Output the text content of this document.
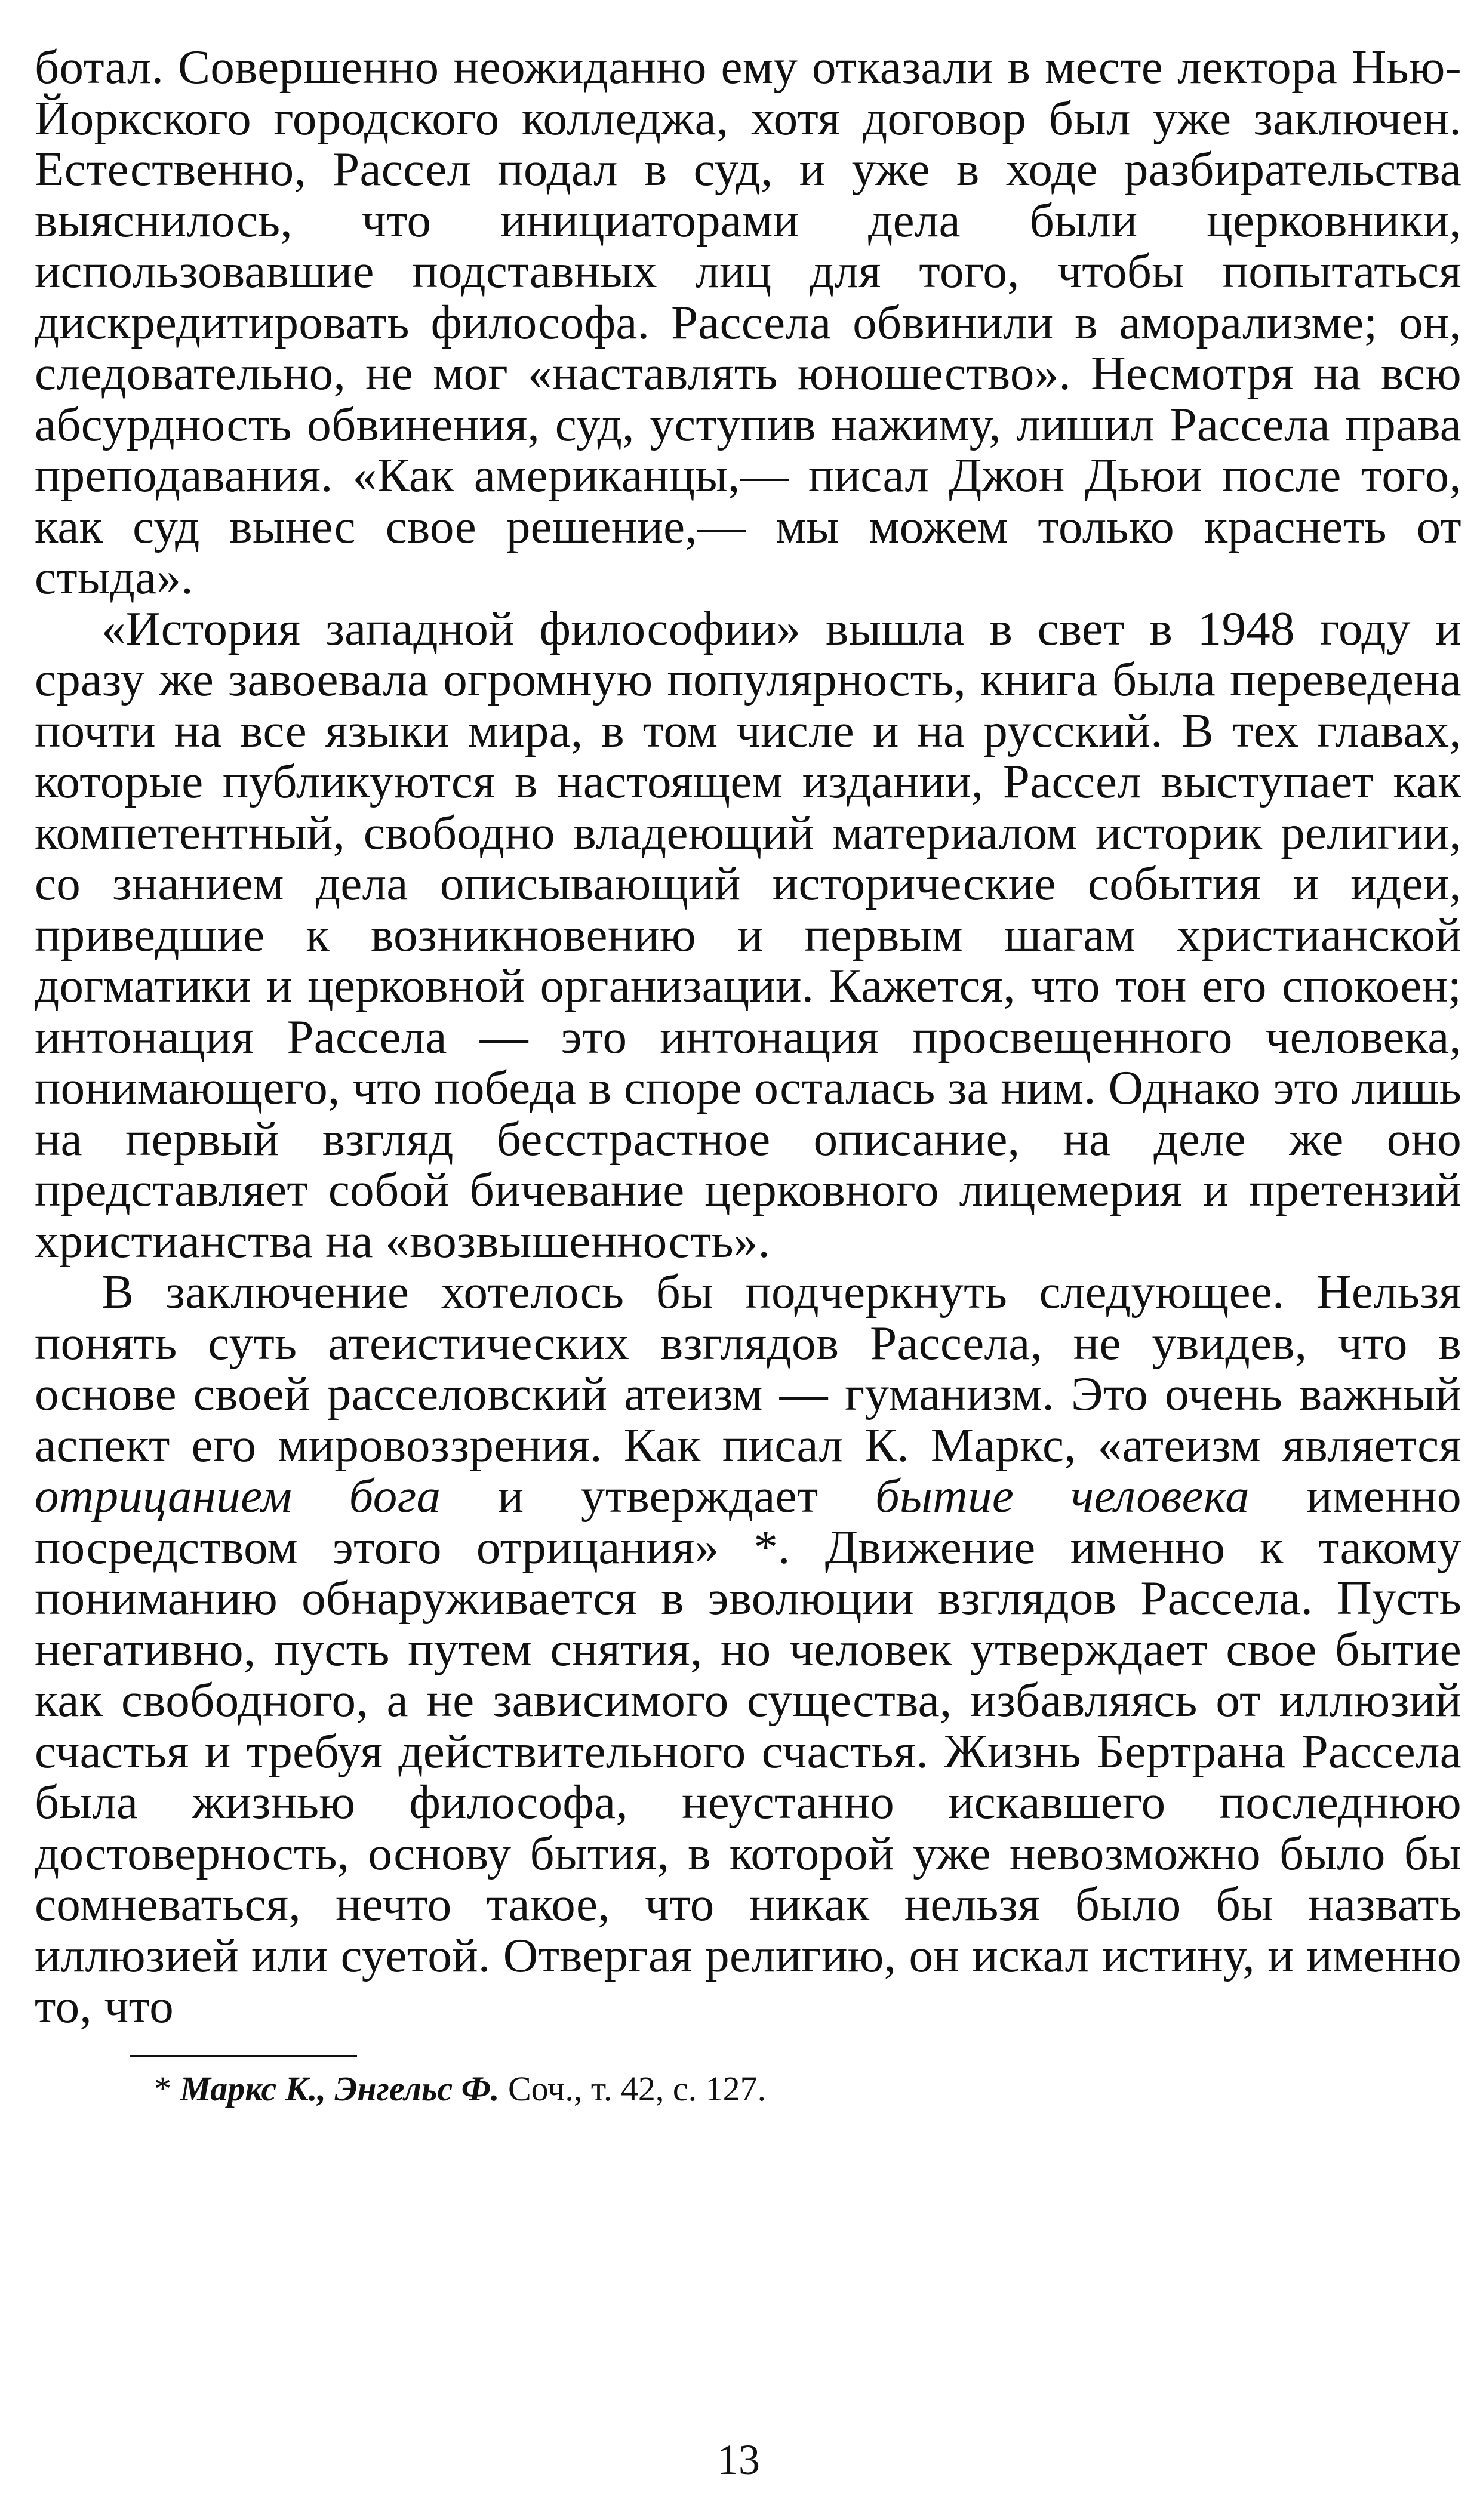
ботал. Совершенно неожиданно ему отказали в месте лектора Нью-Йоркского городского колледжа, хотя договор был уже заключен. Естественно, Рассел подал в суд, и уже в ходе разбирательства выяснилось, что инициаторами дела были церковники, использовавшие подставных лиц для того, чтобы попытаться дискредитировать философа. Рассела обвинили в аморализме; он, следовательно, не мог «наставлять юношество». Несмотря на всю абсурдность обвинения, суд, уступив нажиму, лишил Рассела права преподавания. «Как американцы,— писал Джон Дьюи после того, как суд вынес свое решение,— мы можем только краснеть от стыда».

«История западной философии» вышла в свет в 1948 году и сразу же завоевала огромную популярность, книга была переведена почти на все языки мира, в том числе и на русский. В тех главах, которые публикуются в настоящем издании, Рассел выступает как компетентный, свободно владеющий материалом историк религии, со знанием дела описывающий исторические события и идеи, приведшие к возникновению и первым шагам христианской догматики и церковной организации. Кажется, что тон его спокоен; интонация Рассела — это интонация просвещенного человека, понимающего, что победа в споре осталась за ним. Однако это лишь на первый взгляд бесстрастное описание, на деле же оно представляет собой бичевание церковного лицемерия и претензий христианства на «возвышенность».

В заключение хотелось бы подчеркнуть следующее. Нельзя понять суть атеистических взглядов Рассела, не увидев, что в основе своей расселовский атеизм — гуманизм. Это очень важный аспект его мировоззрения. Как писал К. Маркс, «атеизм является отрицанием бога и утверждает бытие человека именно посредством этого отрицания» *. Движение именно к такому пониманию обнаруживается в эволюции взглядов Рассела. Пусть негативно, пусть путем снятия, но человек утверждает свое бытие как свободного, а не зависимого существа, избавляясь от иллюзий счастья и требуя действительного счастья. Жизнь Бертрана Рассела была жизнью философа, неустанно искавшего последнюю достоверность, основу бытия, в которой уже невозможно было бы сомневаться, нечто такое, что никак нельзя было бы назвать иллюзией или суетой. Отвергая религию, он искал истину, и именно то, что

* Маркс К., Энгельс Ф. Соч., т. 42, с. 127.
13
